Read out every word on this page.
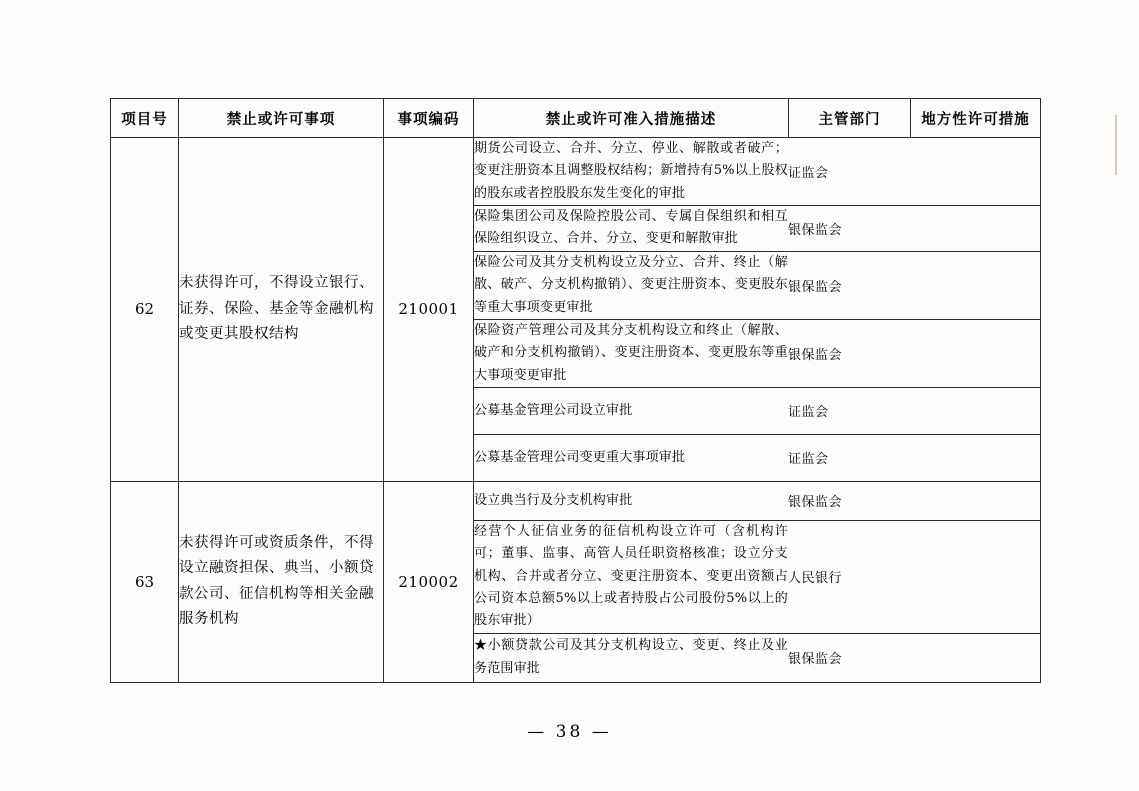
项目号	禁止或许可事项	事项编码	禁止或许可准入措施描述	主管部门	地方性许可措施
62	未获得许可，不得设立银行、证券、保险、基金等金融机构或变更其股权结构	210001	
期货公司设立、合并、分立、停业、解散或者破产；变更注册资本且调整股权结构；新增持有5%以上股权的股东或者控股股东发生变化的审批	证监会	
保险集团公司及保险控股公司、专属自保组织和相互保险组织设立、合并、分立、变更和解散审批	银保监会	
保险公司及其分支机构设立及分立、合并、终止（解散、破产、分支机构撤销）、变更注册资本、变更股东等重大事项变更审批	银保监会	
保险资产管理公司及其分支机构设立和终止（解散、破产和分支机构撤销）、变更注册资本、变更股东等重大事项变更审批	银保监会	
公募基金管理公司设立审批	证监会	
公募基金管理公司变更重大事项审批	证监会	

63	未获得许可或资质条件，不得设立融资担保、典当、小额贷款公司、征信机构等相关金融服务机构	210002	
设立典当行及分支机构审批	银保监会	
经营个人征信业务的征信机构设立许可（含机构许可；董事、监事、高管人员任职资格核准；设立分支机构、合并或者分立、变更注册资本、变更出资额占公司资本总额5%以上或者持股占公司股份5%以上的股东审批）	人民银行	
★小额贷款公司及其分支机构设立、变更、终止及业务范围审批	银保监会	
— 38 —
